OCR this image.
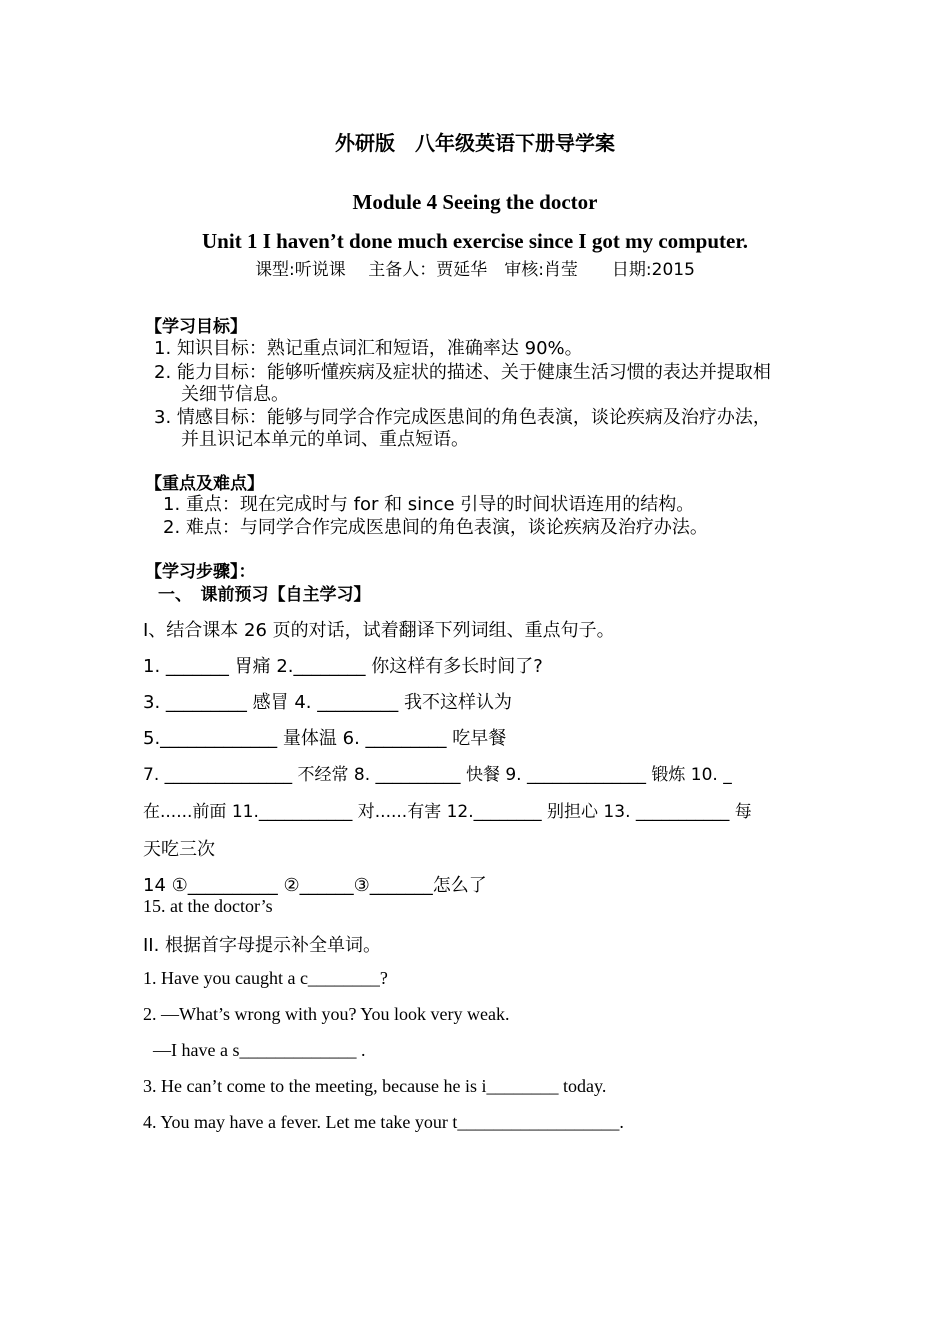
外研版　八年级英语下册导学案
Module 4 Seeing the doctor
Unit 1 I haven’t done much exercise since I got my computer.
课型:听说课　 主备人：贾延华　审核:肖莹　　日期:2015
【学习目标】
1. 知识目标：熟记重点词汇和短语，准确率达 90%。
2. 能力目标：能够听懂疾病及症状的描述、关于健康生活习惯的表达并提取相
关细节信息。
3. 情感目标：能够与同学合作完成医患间的角色表演，谈论疾病及治疗办法，
并且识记本单元的单词、重点短语。
【重点及难点】
1. 重点：现在完成时与 for 和 since 引导的时间状语连用的结构。
2. 难点：与同学合作完成医患间的角色表演，谈论疾病及治疗办法。
【学习步骤】：
一、　课前预习【自主学习】
I、结合课本 26 页的对话，试着翻译下列词组、重点句子。
1. _______ 胃痛 2.________ 你这样有多长时间了?
3. _________ 感冒 4. _________ 我不这样认为
5._____________ 量体温 6. _________ 吃早餐
7. _______________ 不经常 8. __________ 快餐 9. ______________ 锻炼 10. _
在......前面 11.___________ 对......有害 12.________ 别担心 13. ___________ 每
天吃三次
14 ①__________ ②______③_______怎么了
15. at the doctor’s
II. 根据首字母提示补全单词。
1. Have you caught a c________?
2. —What’s wrong with you? You look very weak.
—I have a s_____________ .
3. He can’t come to the meeting, because he is i________ today.
4. You may have a fever. Let me take your t__________________.
